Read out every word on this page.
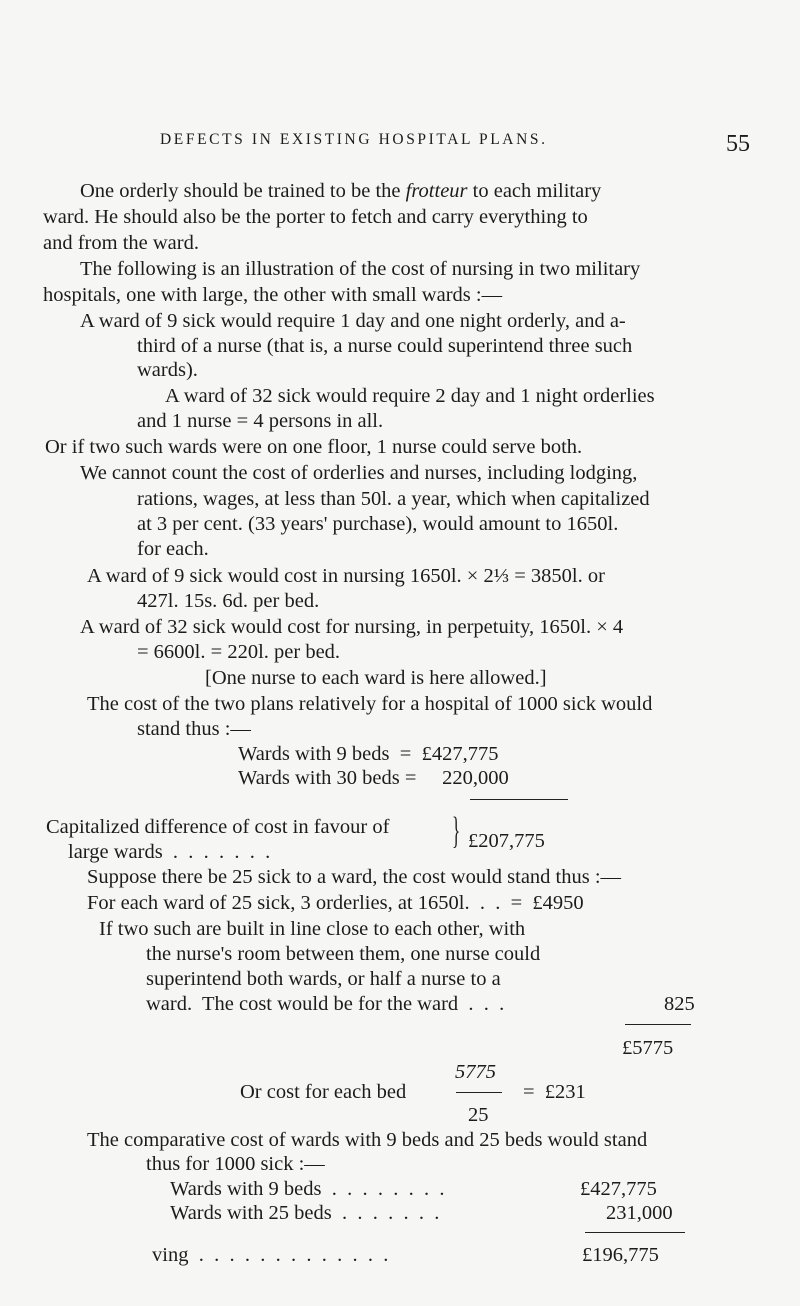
DEFECTS IN EXISTING HOSPITAL PLANS.	55
One orderly should be trained to be the frotteur to each military
ward. He should also be the porter to fetch and carry everything to
and from the ward.
The following is an illustration of the cost of nursing in two military
hospitals, one with large, the other with small wards :—
A ward of 9 sick would require 1 day and one night orderly, and a-
third of a nurse (that is, a nurse could superintend three such
wards).
A ward of 32 sick would require 2 day and 1 night orderlies
and 1 nurse = 4 persons in all.
Or if two such wards were on one floor, 1 nurse could serve both.
We cannot count the cost of orderlies and nurses, including lodging,
rations, wages, at less than 50l. a year, which when capitalized
at 3 per cent. (33 years' purchase), would amount to 1650l.
for each.
A ward of 9 sick would cost in nursing 1650l. × 2⅓ = 3850l. or
427l. 15s. 6d. per bed.
A ward of 32 sick would cost for nursing, in perpetuity, 1650l. × 4
= 6600l. = 220l. per bed.
[One nurse to each ward is here allowed.]
The cost of the two plans relatively for a hospital of 1000 sick would
stand thus :—
Wards with 9 beds  =  £427,775
Wards with 30 beds =     220,000
Capitalized difference of cost in favour of
large wards  .  .  .  .  .  .  .	} £207,775
Suppose there be 25 sick to a ward, the cost would stand thus :—
For each ward of 25 sick, 3 orderlies, at 1650l.  .  .  =  £4950
If two such are built in line close to each other, with
the nurse's room between them, one nurse could
superintend both wards, or half a nurse to a
ward.  The cost would be for the ward  .  .  .	825
£5775
Or cost for each bed
5775
25
=  £231
The comparative cost of wards with 9 beds and 25 beds would stand
thus for 1000 sick :—
Wards with 9 beds  .  .  .  .  .  .  .  .	£427,775
Wards with 25 beds  .  .  .  .  .  .  .	231,000
ving  .  .  .  .  .  .  .  .  .  .  .  .  .	£196,775
